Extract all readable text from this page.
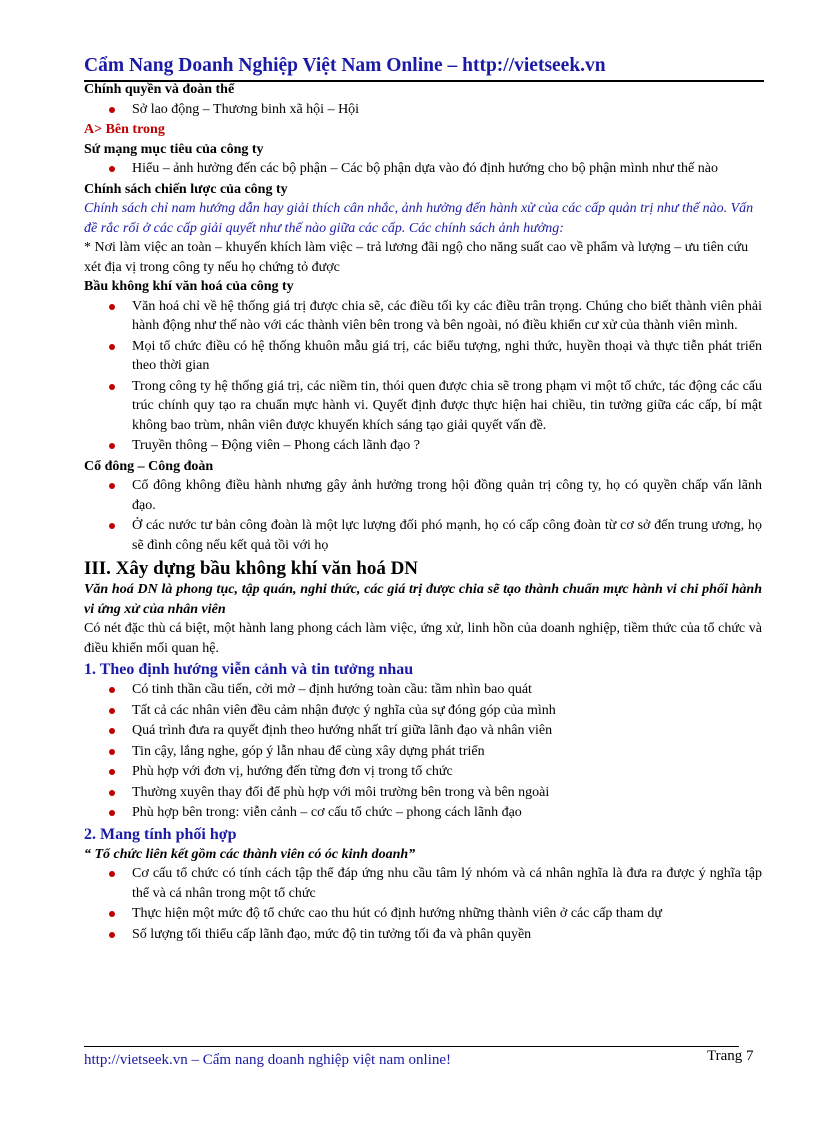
Cẩm Nang Doanh Nghiệp Việt Nam Online – http://vietseek.vn

Chính quyền và đoàn thể

Sở lao động – Thương binh xã hội – Hội

A> Bên trong

Sứ mạng mục tiêu của công ty

Hiểu – ảnh hưởng đến các bộ phận – Các bộ phận dựa vào đó định hướng cho bộ phận mình như thế nào

Chính sách chiến lược của công ty

Chính sách chỉ nam hướng dẫn hay giải thích cân nhắc, ảnh hưởng đến hành xử của các cấp quản trị như thế nào. Vấn đề rắc rối ở các cấp giải quyết như thế nào giữa các cấp. Các chính sách ảnh hưởng:

* Nơi làm việc an toàn – khuyến khích làm việc – trả lương đãi ngộ cho năng suất cao về phẩm và lượng – ưu tiên cứu xét địa vị trong công ty nếu họ chứng tỏ được

Bầu không khí văn hoá của công ty

Văn hoá chỉ về hệ thống giá trị được chia sẽ, các điều tối ky các điều trân trọng. Chúng cho biết thành viên phải hành động như thế nào với các thành viên bên trong và bên ngoài, nó điều khiển cư xử của thành viên mình.
Mọi tổ chức điều có hệ thống khuôn mẫu giá trị, các biểu tượng, nghi thức, huyền thoại và thực tiễn phát triển theo thời gian
Trong công ty hệ thống giá trị, các niềm tin, thói quen được chia sẽ trong phạm vi một tổ chức, tác động các cấu trúc chính quy tạo ra chuẩn mực hành vi. Quyết định được thực hiện hai chiều, tin tưởng giữa các cấp, bí mật không bao trùm, nhân viên được khuyến khích sáng tạo giải quyết vấn đề.
Truyền thông – Động viên – Phong cách lãnh đạo ?

Cổ đông – Công đoàn

Cổ đông không điều hành nhưng gây ảnh hưởng trong hội đồng quản trị công ty, họ có quyền chấp vấn lãnh đạo.
Ở các nước tư bản công đoàn là một lực lượng đối phó mạnh, họ có cấp công đoàn từ cơ sở đến trung ương, họ sẽ đình công nếu kết quả tồi với họ

III. Xây dựng bầu không khí văn hoá DN

Văn hoá DN là phong tục, tập quán, nghi thức, các giá trị được chia sẽ tạo thành chuẩn mực hành vi chi phối hành vi ứng xử của nhân viên

Có nét đặc thù cá biệt, một hành lang phong cách làm việc, ứng xử, linh hồn của doanh nghiệp, tiềm thức của tổ chức và điều khiển mối quan hệ.

1. Theo định hướng viễn cảnh và tin tưởng nhau

Có tinh thần cầu tiến, cởi mở – định hướng toàn cầu: tầm nhìn bao quát
Tất cả các nhân viên đều cảm nhận được ý nghĩa của sự đóng góp của mình
Quá trình đưa ra quyết định theo hướng nhất trí giữa lãnh đạo và nhân viên
Tin cậy, lắng nghe, góp ý lẫn nhau để cùng xây dựng phát triển
Phù hợp với đơn vị, hướng đến từng đơn vị trong tổ chức
Thường xuyên thay đổi để phù hợp với môi trường bên trong và bên ngoài
Phù hợp bên trong: viễn cảnh – cơ cấu tổ chức – phong cách lãnh đạo

2. Mang tính phối hợp

“ Tổ chức liên kết gồm các thành viên có óc kinh doanh”

Cơ cấu tổ chức có tính cách tập thể đáp ứng nhu cầu tâm lý nhóm và cá nhân nghĩa là đưa ra được ý nghĩa tập thể và cá nhân trong một tổ chức
Thực hiện một mức độ tổ chức cao thu hút có định hướng những thành viên ở các cấp tham dự
Số lượng tối thiểu cấp lãnh đạo, mức độ tin tưởng tối đa và phân quyền
http://vietseek.vn – Cẩm nang doanh nghiệp việt nam online!	Trang 7
